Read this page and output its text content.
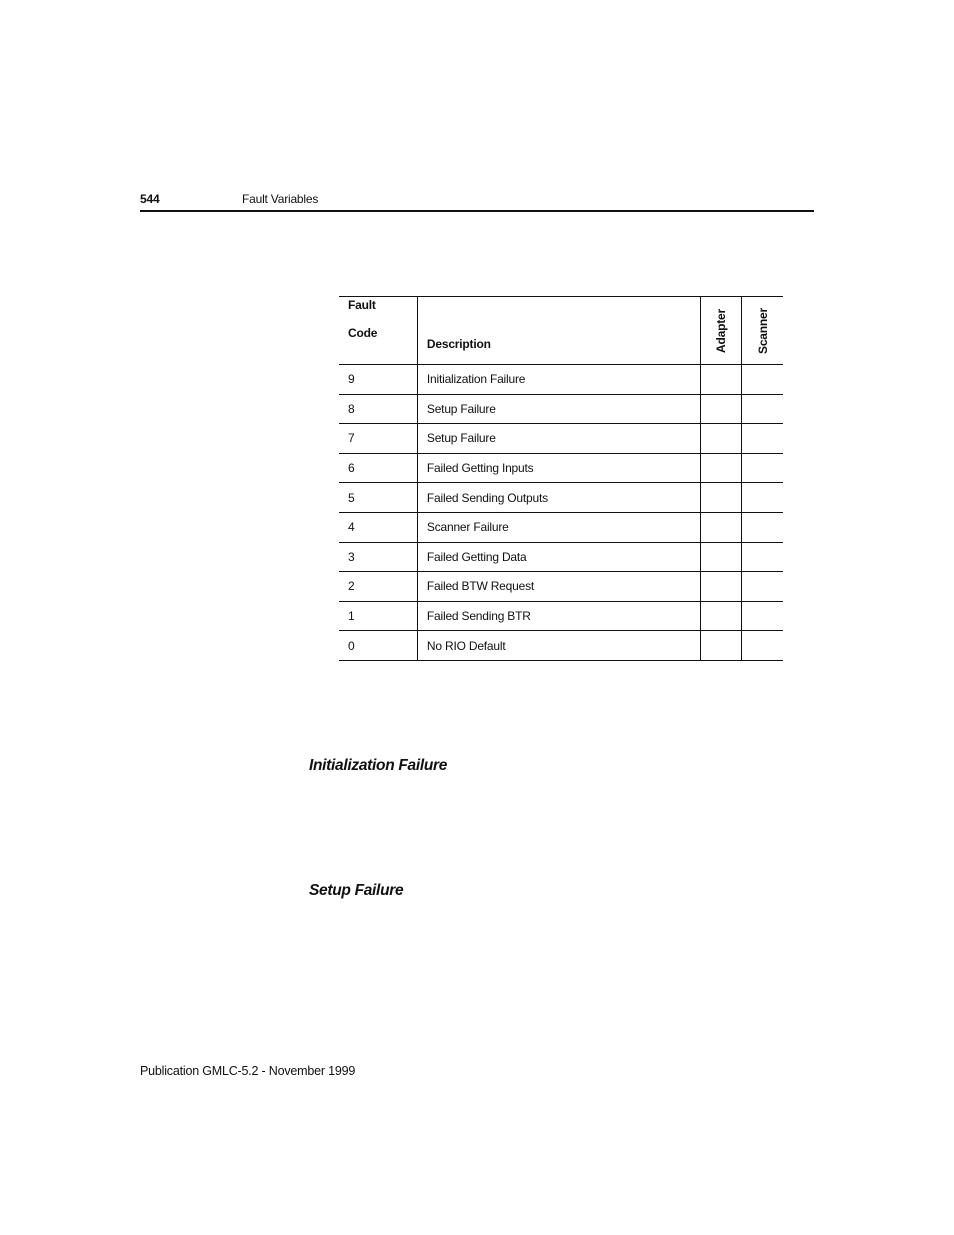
544	Fault Variables
Fault
Code	Description	Adapter	Scanner

9	Initialization Failure		
8	Setup Failure		
7	Setup Failure		
6	Failed Getting Inputs		
5	Failed Sending Outputs		
4	Scanner Failure		
3	Failed Getting Data		
2	Failed BTW Request		
1	Failed Sending BTR		
0	No RIO Default		
Initialization Failure
Setup Failure
Publication GMLC-5.2 - November 1999
